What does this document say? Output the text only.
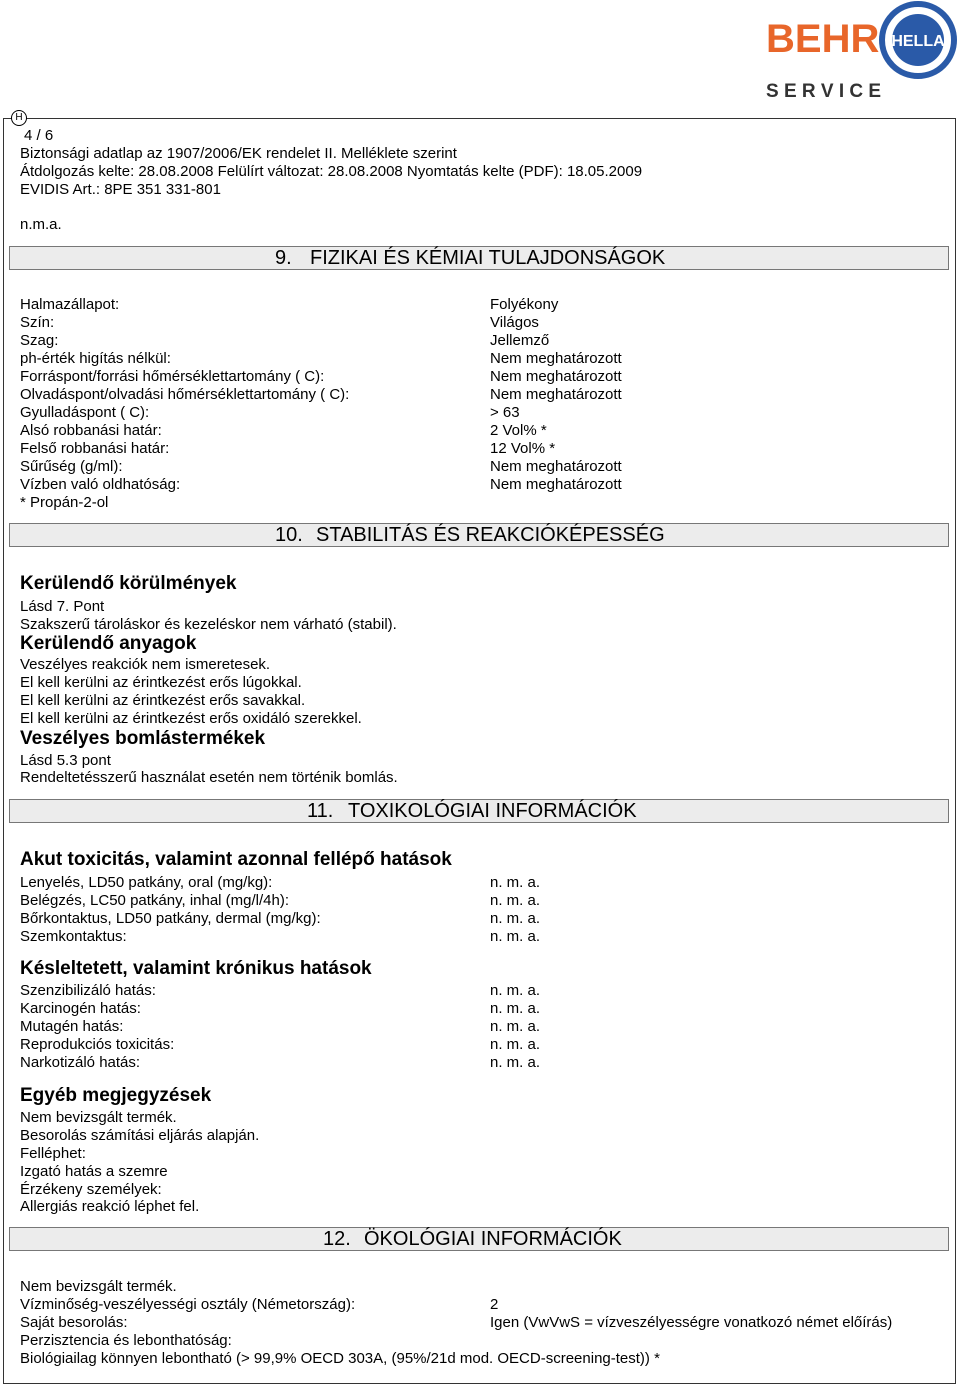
BEHR HELLA
S E R V I C E
H
4 / 6
Biztonsági adatlap az 1907/2006/EK rendelet II. Melléklete szerint
Átdolgozás kelte: 28.08.2008 Felülírt változat: 28.08.2008 Nyomtatás kelte (PDF): 18.05.2009
EVIDIS Art.: 8PE 351 331-801
n.m.a.
9. FIZIKAI ÉS KÉMIAI TULAJDONSÁGOK
Halmazállapot:	Folyékony
Szín:	Világos
Szag:	Jellemző
ph-érték higítás nélkül:	Nem meghatározott
Forráspont/forrási hőmérséklettartomány ( C):	Nem meghatározott
Olvadáspont/olvadási hőmérséklettartomány ( C):	Nem meghatározott
Gyulladáspont ( C):	> 63
Alsó robbanási határ:	2 Vol% *
Felső robbanási határ:	12 Vol% *
Sűrűség (g/ml):	Nem meghatározott
Vízben való oldhatóság:	Nem meghatározott
* Propán-2-ol
10. STABILITÁS ÉS REAKCIÓKÉPESSÉG
Kerülendő körülmények
Lásd 7. Pont
Szakszerű tároláskor és kezeléskor nem várható (stabil).
Kerülendő anyagok
Veszélyes reakciók nem ismeretesek.
El kell kerülni az érintkezést erős lúgokkal.
El kell kerülni az érintkezést erős savakkal.
El kell kerülni az érintkezést erős oxidáló szerekkel.
Veszélyes bomlástermékek
Lásd 5.3 pont
Rendeltetésszerű használat esetén nem történik bomlás.
11. TOXIKOLÓGIAI INFORMÁCIÓK
Akut toxicitás, valamint azonnal fellépő hatások
Lenyelés, LD50 patkány, oral (mg/kg):	n. m. a.
Belégzés, LC50 patkány, inhal (mg/l/4h):	n. m. a.
Bőrkontaktus, LD50 patkány, dermal (mg/kg):	n. m. a.
Szemkontaktus:	n. m. a.
Késleltetett, valamint krónikus hatások
Szenzibilizáló hatás:	n. m. a.
Karcinogén hatás:	n. m. a.
Mutagén hatás:	n. m. a.
Reprodukciós toxicitás:	n. m. a.
Narkotizáló hatás:	n. m. a.
Egyéb megjegyzések
Nem bevizsgált termék.
Besorolás számítási eljárás alapján.
Felléphet:
Izgató hatás a szemre
Érzékeny személyek:
Allergiás reakció léphet fel.
12. ÖKOLÓGIAI INFORMÁCIÓK
Nem bevizsgált termék.
Vízminőség-veszélyességi osztály (Németország):	2
Saját besorolás:	Igen (VwVwS = vízveszélyességre vonatkozó német előírás)
Perzisztencia és lebonthatóság:
Biológiailag könnyen lebontható (> 99,9% OECD 303A, (95%/21d mod. OECD-screening-test)) *
